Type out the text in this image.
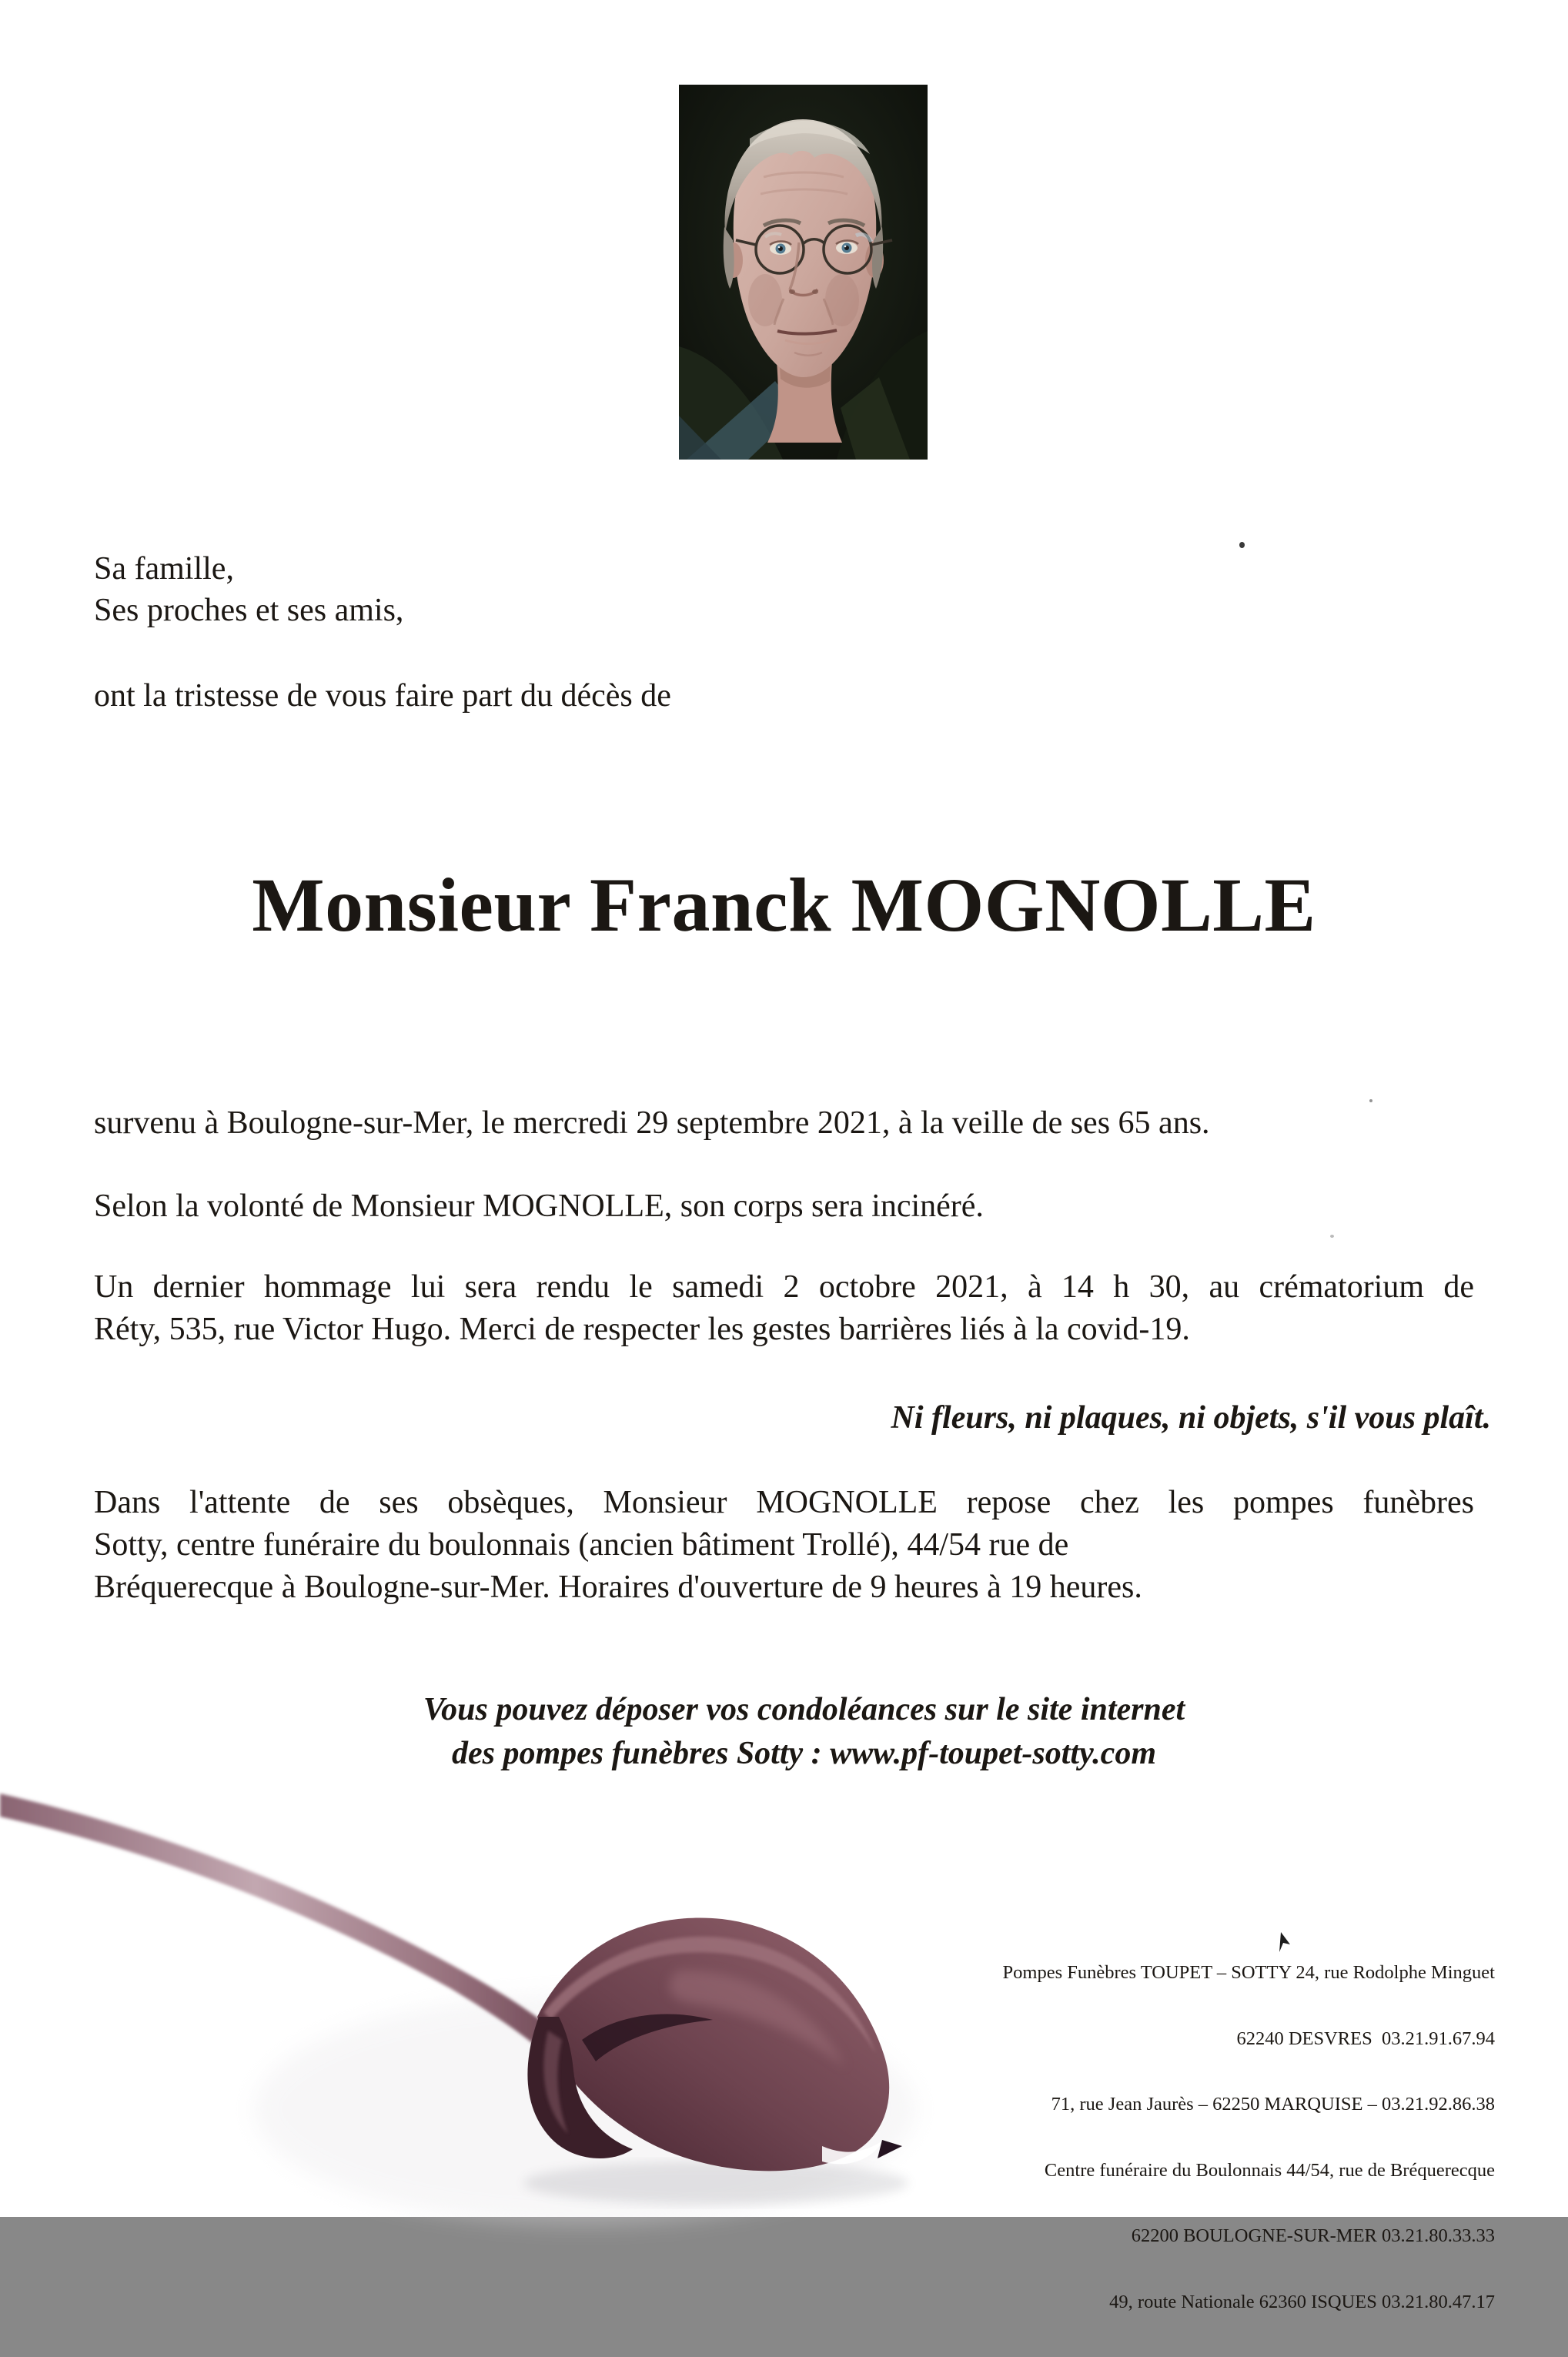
Sa famille,
Ses proches et ses amis,
ont la tristesse de vous faire part du décès de
Monsieur Franck MOGNOLLE
survenu à Boulogne-sur-Mer, le mercredi 29 septembre 2021, à la veille de ses 65 ans.
Selon la volonté de Monsieur MOGNOLLE, son corps sera incinéré.
Un dernier hommage lui sera rendu le samedi 2 octobre 2021, à 14 h 30, au crématorium de
Réty, 535, rue Victor Hugo. Merci de respecter les gestes barrières liés à la covid-19.
Ni fleurs, ni plaques, ni objets, s'il vous plaît.
Dans l'attente de ses obsèques, Monsieur MOGNOLLE repose chez les pompes funèbres
Sotty, centre funéraire du boulonnais (ancien bâtiment Trollé), 44/54 rue de
Bréquerecque à Boulogne-sur-Mer. Horaires d'ouverture de 9 heures à 19 heures.
Vous pouvez déposer vos condoléances sur le site internet
des pompes funèbres Sotty : www.pf-toupet-sotty.com

Pompes Funèbres TOUPET – SOTTY 24, rue Rodolphe Minguet

62240 DESVRES  03.21.91.67.94

71, rue Jean Jaurès – 62250 MARQUISE – 03.21.92.86.38

Centre funéraire du Boulonnais 44/54, rue de Bréquerecque

62200 BOULOGNE-SUR-MER 03.21.80.33.33

49, route Nationale 62360 ISQUES 03.21.80.47.17
